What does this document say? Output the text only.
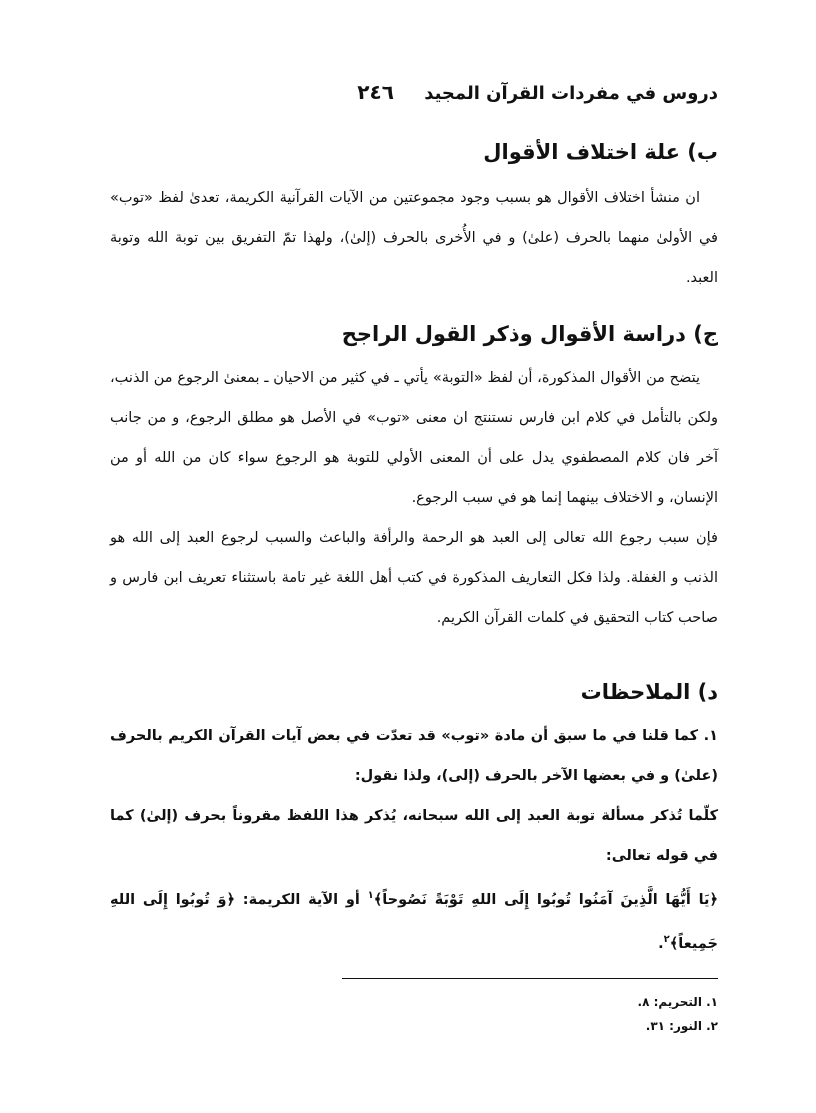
دروس في مفردات القرآن المجيد ٢٤٦
ب) علة اختلاف الأقوال
ان منشأ اختلاف الأقوال هو بسبب وجود مجموعتين من الآيات القرآنية الكريمة، تعدىٰ لفظ «توب» في الأولىٰ منهما بالحرف (علىٰ) و في الأُخرى بالحرف (إلىٰ)، ولهذا تمّ التفريق بين توبة الله وتوبة العبد.
ج) دراسة الأقوال وذكر القول الراجح
يتضح من الأقوال المذكورة، أن لفظ «التوبة» يأتي ـ في كثير من الاحيان ـ بمعنىٰ الرجوع من الذنب، ولكن بالتأمل في كلام ابن فارس نستنتج ان معنى «توب» في الأصل هو مطلق الرجوع، و من جانب آخر فان كلام المصطفوي يدل على أن المعنى الأولي للتوبة هو الرجوع سواء كان من الله أو من الإنسان، و الاختلاف بينهما إنما هو في سبب الرجوع.
فإن سبب رجوع الله تعالى إلى العبد هو الرحمة والرأفة والباعث والسبب لرجوع العبد إلى الله هو الذنب و الغفلة. ولذا فكل التعاريف المذكورة في كتب أهل اللغة غير تامة باستثناء تعريف ابن فارس و صاحب كتاب التحقيق في كلمات القرآن الكريم.
د) الملاحظات
١. كما قلنا في ما سبق أن مادة «توب» قد تعدّت في بعض آيات القرآن الكريم بالحرف (علىٰ) و في بعضها الآخر بالحرف (إلى)، ولذا نقول:
كلّما تُذكر مسألة توبة العبد إلى الله سبحانه، يُذكر هذا اللفظ مقروناً بحرف (إلىٰ) كما في قوله تعالى:
﴿يَا أَيُّهَا الَّذِينَ آمَنُوا تُوبُوا إِلَى اللهِ تَوْبَةً نَصُوحاً﴾$^١$ أو الآية الكريمة: ﴿وَ تُوبُوا إِلَى اللهِ جَمِيعاً﴾$^٢$.
١. التحريم: ٨.
٢. النور: ٣١.
